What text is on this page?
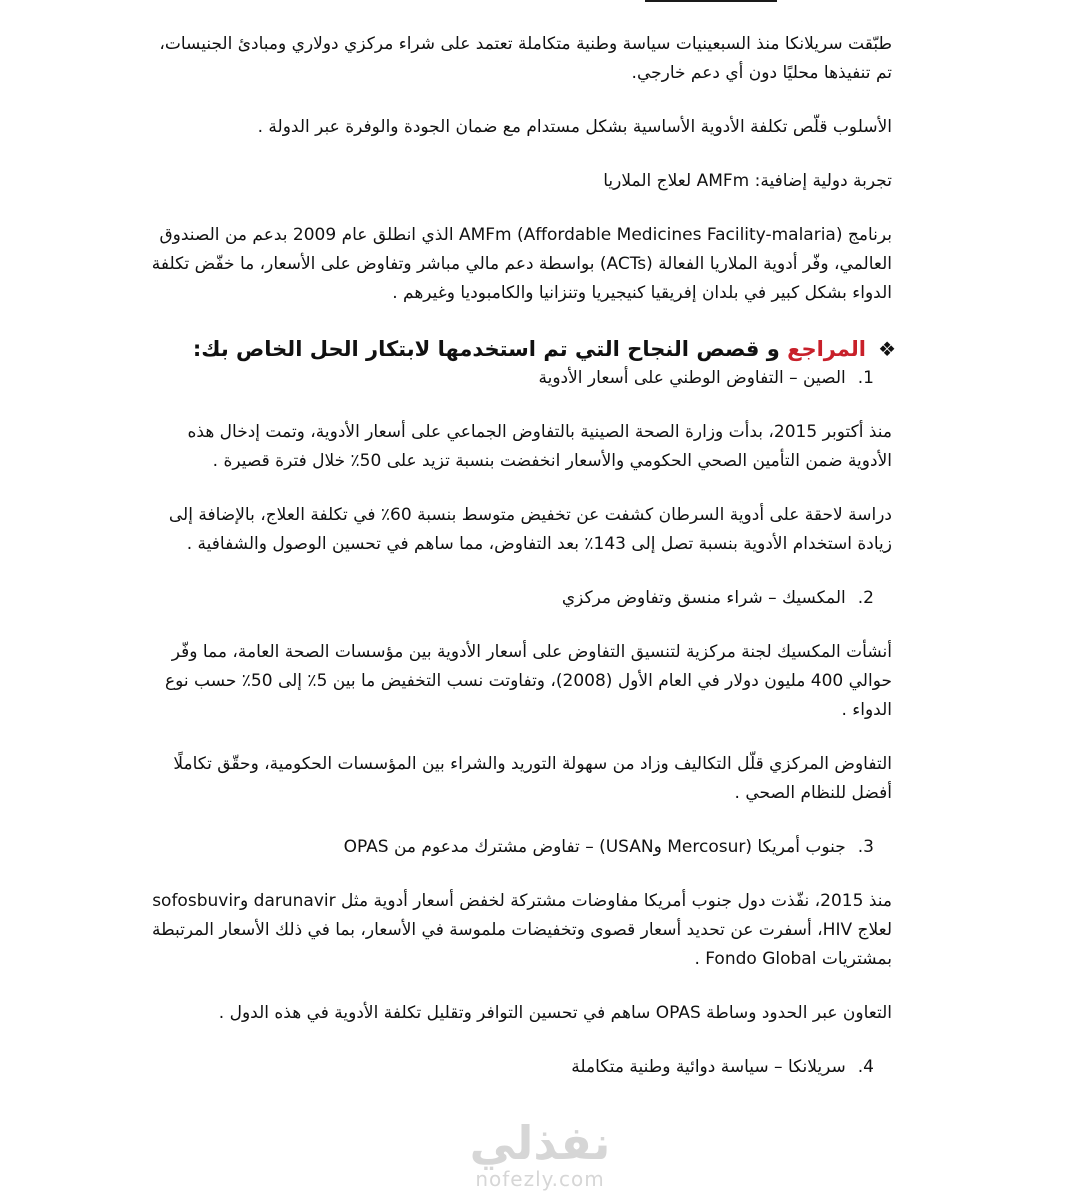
طبّقت سريلانكا منذ السبعينيات سياسة وطنية متكاملة تعتمد على شراء مركزي دولاري ومبادئ الجنيسات، تم تنفيذها محليًا دون أي دعم خارجي.

الأسلوب قلّص تكلفة الأدوية الأساسية بشكل مستدام مع ضمان الجودة والوفرة عبر الدولة .

تجربة دولية إضافية: AMFm لعلاج الملاريا

برنامج AMFm (Affordable Medicines Facility-malaria) الذي انطلق عام 2009 بدعم من الصندوق العالمي، وفّر أدوية الملاريا الفعالة (ACTs) بواسطة دعم مالي مباشر وتفاوض على الأسعار، ما خفّض تكلفة الدواء بشكل كبير في بلدان إفريقيا كنيجيريا وتنزانيا والكامبوديا وغيرهم .

❖
المراجع و قصص النجاح التي تم استخدمها لابتكار الحل الخاص بك:

1.الصين – التفاوض الوطني على أسعار الأدوية

منذ أكتوبر 2015، بدأت وزارة الصحة الصينية بالتفاوض الجماعي على أسعار الأدوية، وتمت إدخال هذه الأدوية ضمن التأمين الصحي الحكومي والأسعار انخفضت بنسبة تزيد على 50٪ خلال فترة قصيرة .

دراسة لاحقة على أدوية السرطان كشفت عن تخفيض متوسط بنسبة 60٪ في تكلفة العلاج، بالإضافة إلى زيادة استخدام الأدوية بنسبة تصل إلى 143٪ بعد التفاوض، مما ساهم في تحسين الوصول والشفافية .

2.المكسيك – شراء منسق وتفاوض مركزي

أنشأت المكسيك لجنة مركزية لتنسيق التفاوض على أسعار الأدوية بين مؤسسات الصحة العامة، مما وفّر حوالي 400 مليون دولار في العام الأول (2008)، وتفاوتت نسب التخفيض ما بين 5٪ إلى 50٪ حسب نوع الدواء .

التفاوض المركزي قلّل التكاليف وزاد من سهولة التوريد والشراء بين المؤسسات الحكومية، وحقّق تكاملًا أفضل للنظام الصحي .

3.جنوب أمريكا (Mercosur وUSAN) – تفاوض مشترك مدعوم من OPAS

منذ 2015، نفّذت دول جنوب أمريكا مفاوضات مشتركة لخفض أسعار أدوية مثل darunavir وsofosbuvir لعلاج HIV، أسفرت عن تحديد أسعار قصوى وتخفيضات ملموسة في الأسعار، بما في ذلك الأسعار المرتبطة بمشتريات Fondo Global .

التعاون عبر الحدود وساطة OPAS ساهم في تحسين التوافر وتقليل تكلفة الأدوية في هذه الدول .

4.سريلانكا – سياسة دوائية وطنية متكاملة

نفذلي
nofezly.com
